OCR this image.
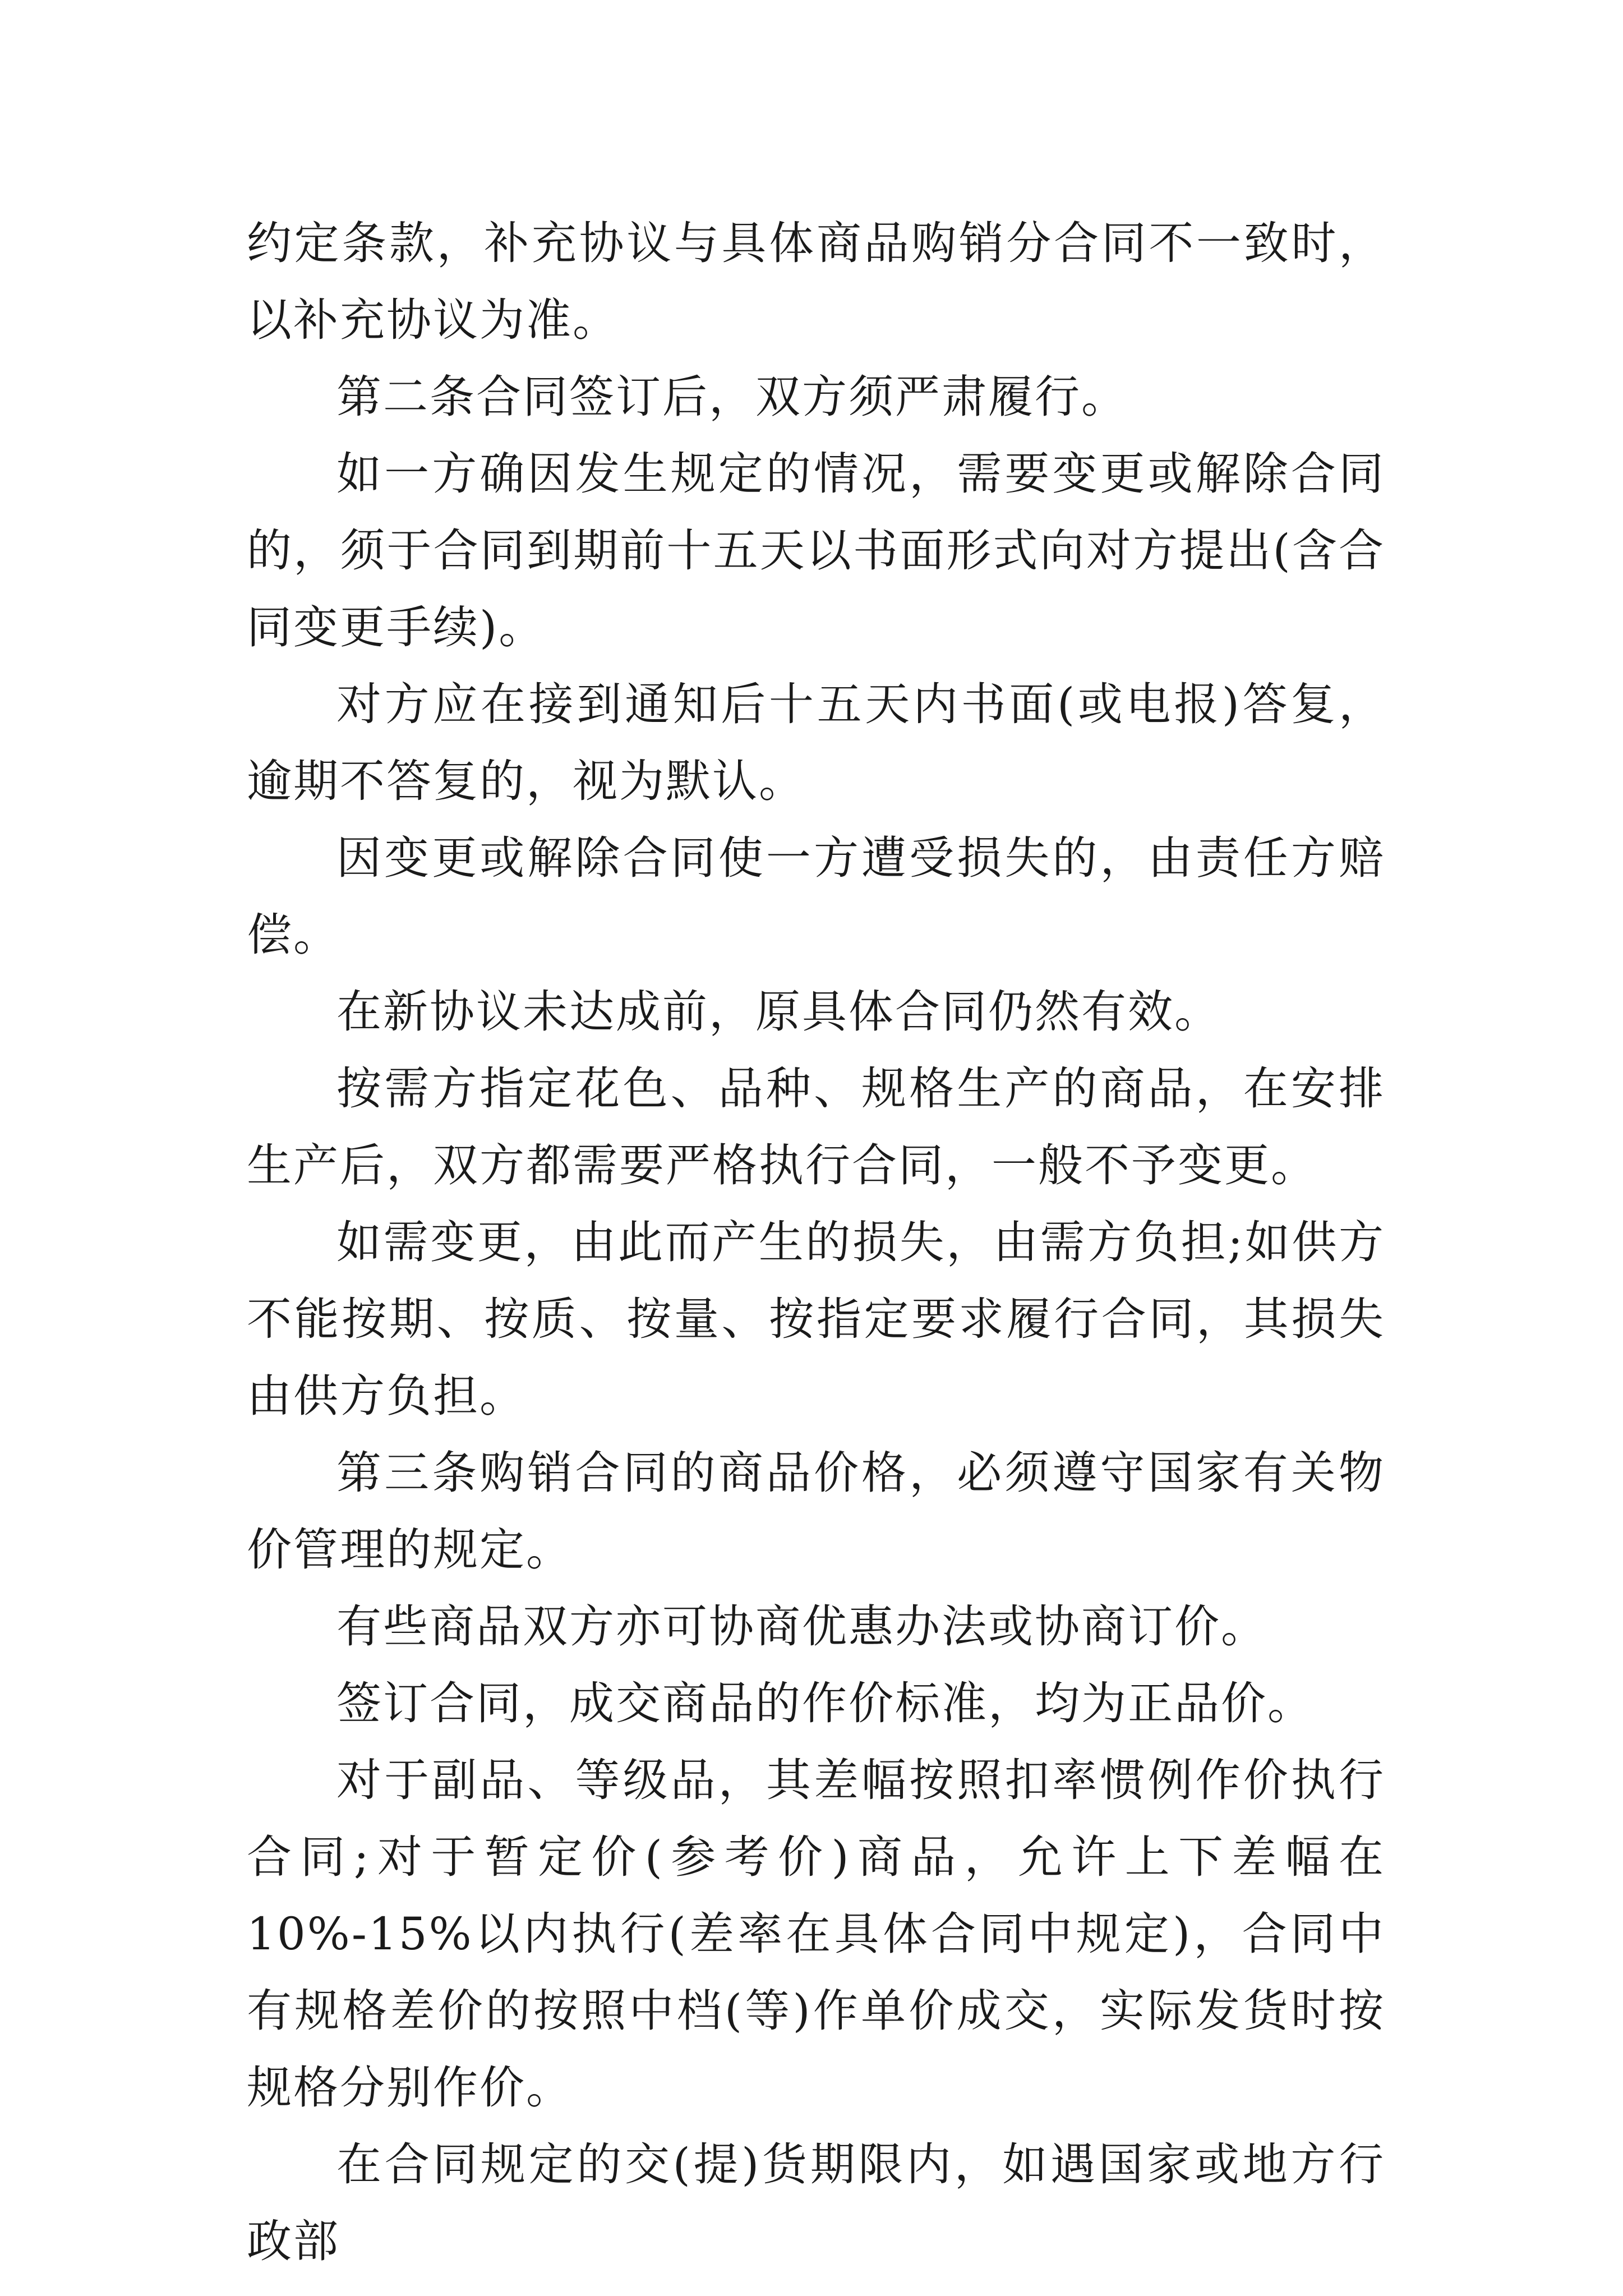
约定条款，补充协议与具体商品购销分合同不一致时，以补充协议为准。

第二条合同签订后，双方须严肃履行。

如一方确因发生规定的情况，需要变更或解除合同的，须于合同到期前十五天以书面形式向对方提出(含合同变更手续)。

对方应在接到通知后十五天内书面(或电报)答复，逾期不答复的，视为默认。

因变更或解除合同使一方遭受损失的，由责任方赔偿。

在新协议未达成前，原具体合同仍然有效。

按需方指定花色、品种、规格生产的商品，在安排生产后，双方都需要严格执行合同，一般不予变更。

如需变更，由此而产生的损失，由需方负担;如供方不能按期、按质、按量、按指定要求履行合同，其损失由供方负担。

第三条购销合同的商品价格，必须遵守国家有关物价管理的规定。

有些商品双方亦可协商优惠办法或协商订价。

签订合同，成交商品的作价标准，均为正品价。

对于副品、等级品，其差幅按照扣率惯例作价执行合同;对于暂定价(参考价)商品，允许上下差幅在10%-15%以内执行(差率在具体合同中规定)，合同中有规格差价的按照中档(等)作单价成交，实际发货时按规格分别作价。

在合同规定的交(提)货期限内，如遇国家或地方行政部
